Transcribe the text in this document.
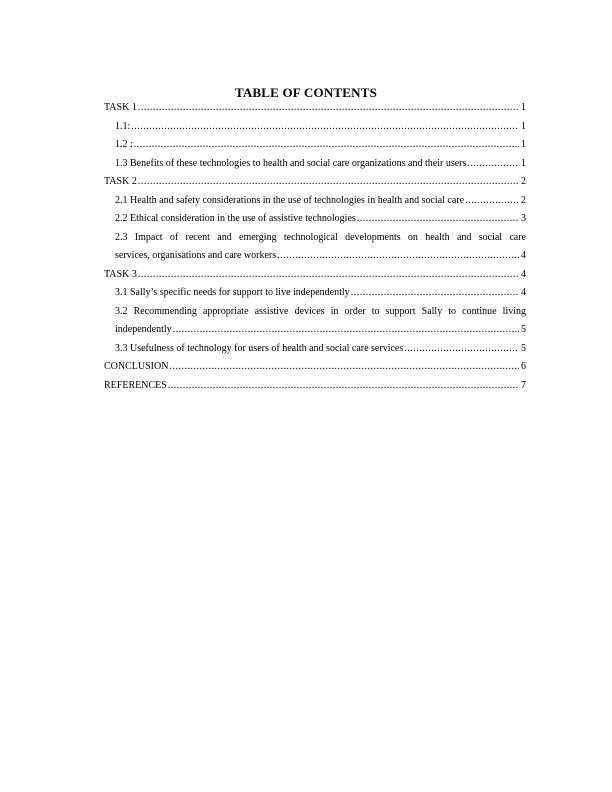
TABLE OF CONTENTS
TASK 1 .....	1
1.1: .....	1
1.2 : .....	1
1.3 Benefits of these technologies to health and social care organizations and their users .....	1
TASK 2 .....	2
2.1 Health and safety considerations in the use of technologies in health and social care .....	2
2.2 Ethical consideration in the use of assistive technologies .....	3
2.3 Impact of recent and emerging technological developments on health and social care
services, organisations and care workers .....	4
TASK 3 .....	4
3.1 Sally’s specific needs for support to live independently .....	4
3.2 Recommending appropriate assistive devices in order to support Sally to continue living
independently .....	5
3.3 Usefulness of technology for users of health and social care services .....	5
CONCLUSION .....	6
REFERENCES .....	7
